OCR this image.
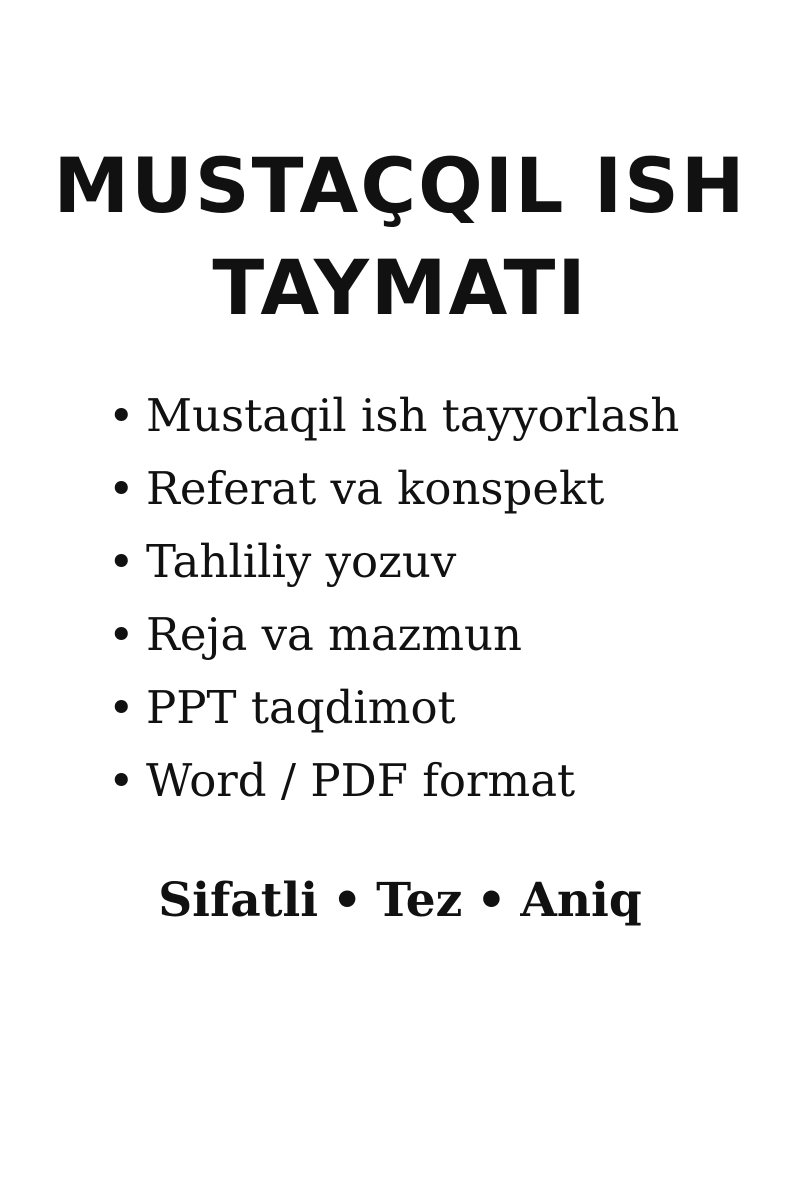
MUSTAÇQIL ISH
TAYMATI
• Mustaqil ish tayyorlash
• Referat va konspekt
• Tahliliy yozuv
• Reja va mazmun
• PPT taqdimot
• Word / PDF format
Sifatli • Tez • Aniq
